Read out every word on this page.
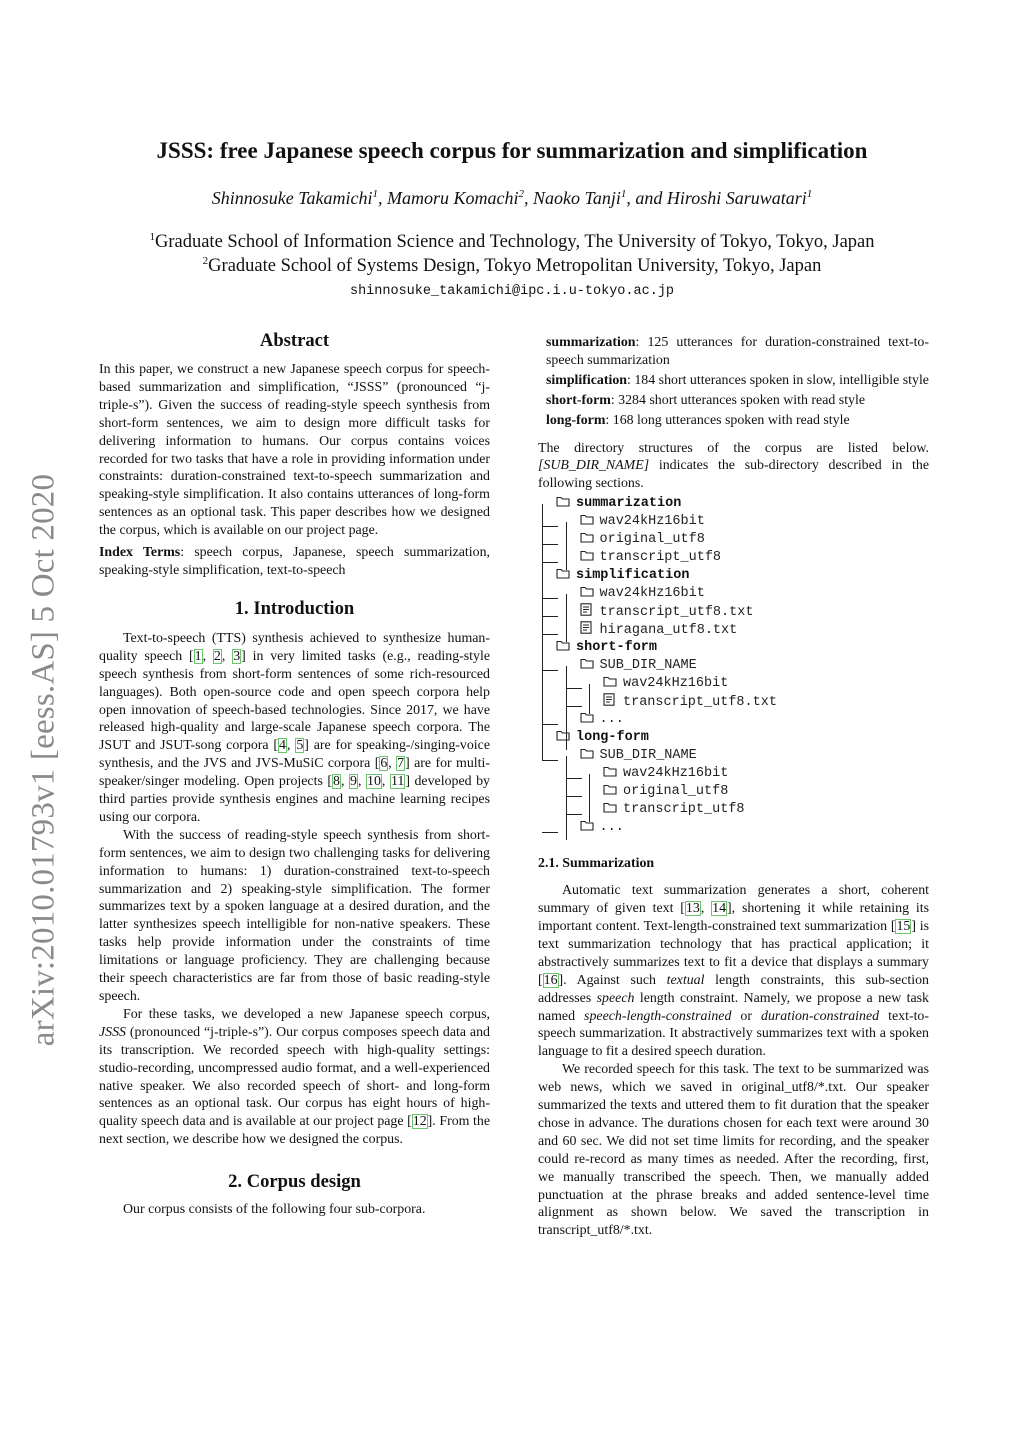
arXiv:2010.01793v1 [eess.AS] 5 Oct 2020
JSSS: free Japanese speech corpus for summarization and simplification
Shinnosuke Takamichi$^1$, Mamoru Komachi$^2$, Naoko Tanji$^1$, and Hiroshi Saruwatari$^1$
$^1$Graduate School of Information Science and Technology, The University of Tokyo, Tokyo, Japan
$^2$Graduate School of Systems Design, Tokyo Metropolitan University, Tokyo, Japan
shinnosuke_takamichi@ipc.i.u-tokyo.ac.jp
Abstract

In this paper, we construct a new Japanese speech corpus for speech-based summarization and simplification, “JSSS” (pronounced “j-triple-s”). Given the success of reading-style speech synthesis from short-form sentences, we aim to design more difficult tasks for delivering information to humans. Our corpus contains voices recorded for two tasks that have a role in providing information under constraints: duration-constrained text-to-speech summarization and speaking-style simplification. It also contains utterances of long-form sentences as an optional task. This paper describes how we designed the corpus, which is available on our project page.

Index Terms: speech corpus, Japanese, speech summarization, speaking-style simplification, text-to-speech

1. Introduction

Text-to-speech (TTS) synthesis achieved to synthesize human-quality speech [1, 2, 3] in very limited tasks (e.g., reading-style speech synthesis from short-form sentences of some rich-resourced languages). Both open-source code and open speech corpora help open innovation of speech-based technologies. Since 2017, we have released high-quality and large-scale Japanese speech corpora. The JSUT and JSUT-song corpora [4, 5] are for speaking-/singing-voice synthesis, and the JVS and JVS-MuSiC corpora [6, 7] are for multi-speaker/singer modeling. Open projects [8, 9, 10, 11] developed by third parties provide synthesis engines and machine learning recipes using our corpora.

With the success of reading-style speech synthesis from short-form sentences, we aim to design two challenging tasks for delivering information to humans: 1) duration-constrained text-to-speech summarization and 2) speaking-style simplification. The former summarizes text by a spoken language at a desired duration, and the latter synthesizes speech intelligible for non-native speakers. These tasks help provide information under the constraints of time limitations or language proficiency. They are challenging because their speech characteristics are far from those of basic reading-style speech.

For these tasks, we developed a new Japanese speech corpus, JSSS (pronounced “j-triple-s”). Our corpus composes speech data and its transcription. We recorded speech with high-quality settings: studio-recording, uncompressed audio format, and a well-experienced native speaker. We also recorded speech of short- and long-form sentences as an optional task. Our corpus has eight hours of high-quality speech data and is available at our project page [12]. From the next section, we describe how we designed the corpus.

2. Corpus design

Our corpus consists of the following four sub-corpora.

summarization: 125 utterances for duration-constrained text-to-speech summarization

simplification: 184 short utterances spoken in slow, intelligible style

short-form: 3284 short utterances spoken with read style

long-form: 168 long utterances spoken with read style

The directory structures of the corpus are listed below. [SUB_DIR_NAME] indicates the sub-directory described in the following sections.

summarization
wav24kHz16bit
original_utf8
transcript_utf8
simplification
wav24kHz16bit
transcript_utf8.txt
hiragana_utf8.txt
short-form
SUB_DIR_NAME
wav24kHz16bit
transcript_utf8.txt
...
long-form
SUB_DIR_NAME
wav24kHz16bit
original_utf8
transcript_utf8
...
2.1. Summarization

Automatic text summarization generates a short, coherent summary of given text [13, 14], shortening it while retaining its important content. Text-length-constrained text summarization [15] is text summarization technology that has practical application; it abstractively summarizes text to fit a device that displays a summary [16]. Against such textual length constraints, this sub-section addresses speech length constraint. Namely, we propose a new task named speech-length-constrained or duration-constrained text-to-speech summarization. It abstractively summarizes text with a spoken language to fit a desired speech duration.

We recorded speech for this task. The text to be summarized was web news, which we saved in original_utf8/*.txt. Our speaker summarized the texts and uttered them to fit duration that the speaker chose in advance. The durations chosen for each text were around 30 and 60 sec. We did not set time limits for recording, and the speaker could re-record as many times as needed. After the recording, first, we manually transcribed the speech. Then, we manually added punctuation at the phrase breaks and added sentence-level time alignment as shown below. We saved the transcription in transcript_utf8/*.txt.
